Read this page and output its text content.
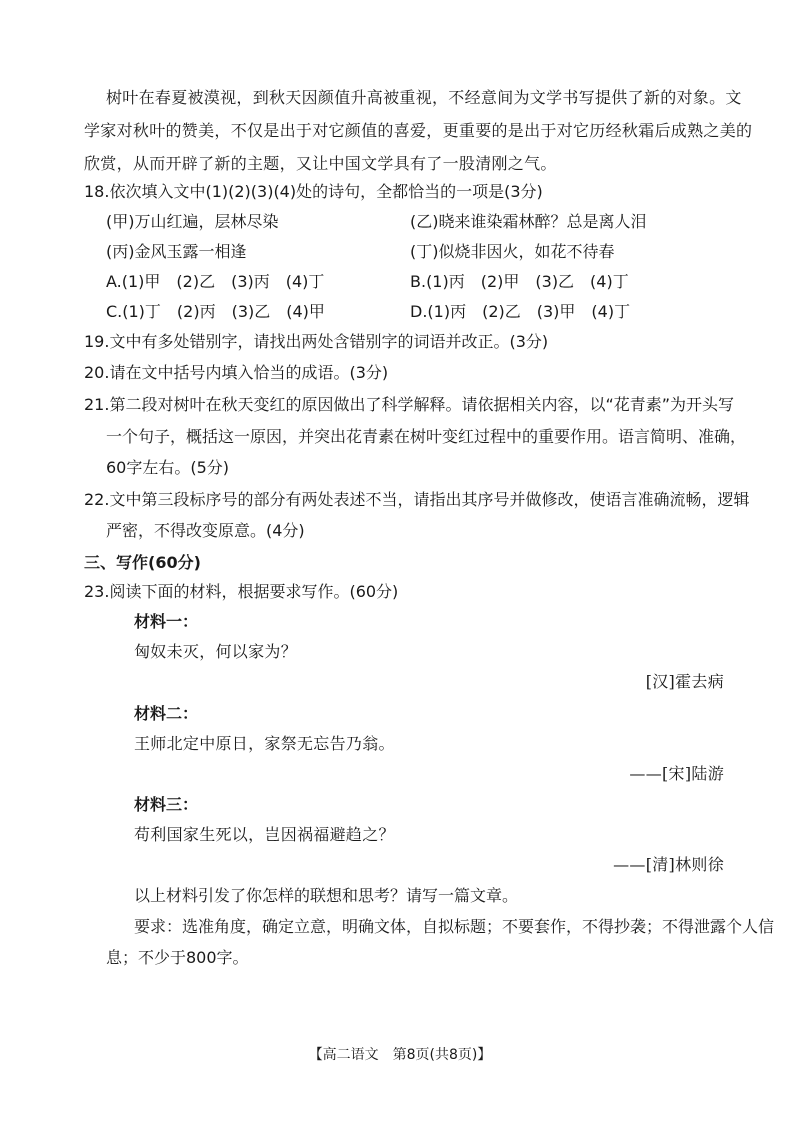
树叶在春夏被漠视，到秋天因颜值升高被重视，不经意间为文学书写提供了新的对象。文
学家对秋叶的赞美，不仅是出于对它颜值的喜爱，更重要的是出于对它历经秋霜后成熟之美的
欣赏，从而开辟了新的主题，又让中国文学具有了一股清刚之气。
18.依次填入文中(1)(2)(3)(4)处的诗句，全都恰当的一项是(3分)
(甲)万山红遍，层林尽染	(乙)晓来谁染霜林醉？总是离人泪
(丙)金风玉露一相逢	(丁)似烧非因火，如花不待春
A.(1)甲　(2)乙　(3)丙　(4)丁	B.(1)丙　(2)甲　(3)乙　(4)丁
C.(1)丁　(2)丙　(3)乙　(4)甲	D.(1)丙　(2)乙　(3)甲　(4)丁
19.文中有多处错别字，请找出两处含错别字的词语并改正。(3分)
20.请在文中括号内填入恰当的成语。(3分)
21.第二段对树叶在秋天变红的原因做出了科学解释。请依据相关内容，以“花青素”为开头写
一个句子，概括这一原因，并突出花青素在树叶变红过程中的重要作用。语言简明、准确，
60字左右。(5分)
22.文中第三段标序号的部分有两处表述不当，请指出其序号并做修改，使语言准确流畅，逻辑
严密，不得改变原意。(4分)
三、写作(60分)
23.阅读下面的材料，根据要求写作。(60分)
材料一：
匈奴未灭，何以家为？
[汉]霍去病
材料二：
王师北定中原日，家祭无忘告乃翁。
——[宋]陆游
材料三：
苟利国家生死以，岂因祸福避趋之？
——[清]林则徐
以上材料引发了你怎样的联想和思考？请写一篇文章。
要求：选准角度，确定立意，明确文体，自拟标题；不要套作，不得抄袭；不得泄露个人信
息；不少于800字。
【高二语文　第8页(共8页)】
